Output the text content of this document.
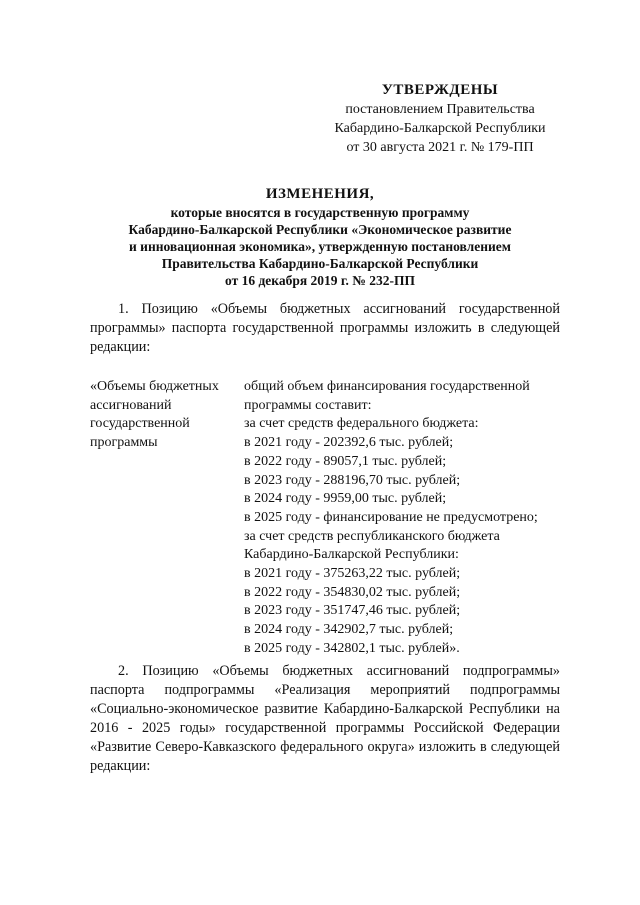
УТВЕРЖДЕНЫ
постановлением Правительства
Кабардино-Балкарской Республики
от 30 августа 2021 г. № 179-ПП
ИЗМЕНЕНИЯ,
которые вносятся в государственную программу
Кабардино-Балкарской Республики «Экономическое развитие
и инновационная экономика», утвержденную постановлением
Правительства Кабардино-Балкарской Республики
от 16 декабря 2019 г. № 232-ПП

1. Позицию «Объемы бюджетных ассигнований государственной программы» паспорта государственной программы изложить в следующей редакции:

«Объемы бюджетных
ассигнований
государственной
программы
общий объем финансирования государственной
программы составит:
за счет средств федерального бюджета:
в 2021 году - 202392,6 тыс. рублей;
в 2022 году - 89057,1 тыс. рублей;
в 2023 году - 288196,70 тыс. рублей;
в 2024 году - 9959,00 тыс. рублей;
в 2025 году - финансирование не предусмотрено;
за счет средств республиканского бюджета
Кабардино-Балкарской Республики:
в 2021 году - 375263,22 тыс. рублей;
в 2022 году - 354830,02 тыс. рублей;
в 2023 году - 351747,46 тыс. рублей;
в 2024 году - 342902,7 тыс. рублей;
в 2025 году - 342802,1 тыс. рублей».

2. Позицию «Объемы бюджетных ассигнований подпрограммы» паспорта подпрограммы «Реализация мероприятий подпрограммы «Социально-экономическое развитие Кабардино-Балкарской Республики на 2016 - 2025 годы» государственной программы Российской Федерации «Развитие Северо-Кавказского федерального округа» изложить в следующей редакции:
